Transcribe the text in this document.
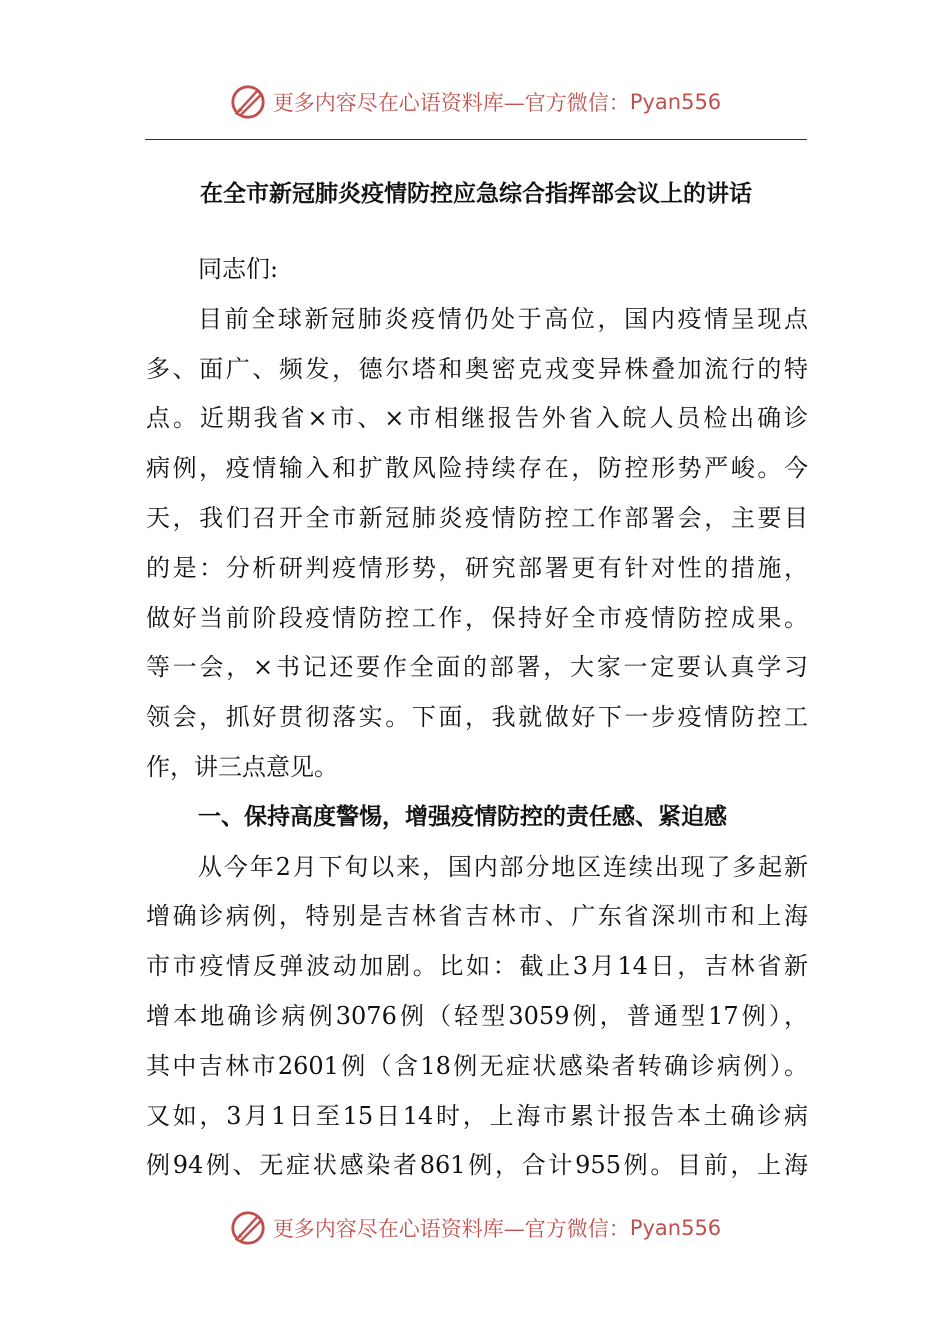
更多内容尽在心语资料库—官方微信： Pyan556
在全市新冠肺炎疫情防控应急综合指挥部会议上的讲话
同志们:
目前全球新冠肺炎疫情仍处于高位，国内疫情呈现点
多、面广、频发，德尔塔和奥密克戎变异株叠加流行的特
点。近期我省×市、×市相继报告外省入皖人员检出确诊
病例，疫情输入和扩散风险持续存在，防控形势严峻。今
天，我们召开全市新冠肺炎疫情防控工作部署会，主要目
的是：分析研判疫情形势，研究部署更有针对性的措施，
做好当前阶段疫情防控工作，保持好全市疫情防控成果。
等一会，×书记还要作全面的部署，大家一定要认真学习
领会，抓好贯彻落实。下面，我就做好下一步疫情防控工
作，讲三点意见。
一、保持高度警惕，增强疫情防控的责任感、紧迫感
从今年2月下旬以来，国内部分地区连续出现了多起新
增确诊病例，特别是吉林省吉林市、广东省深圳市和上海
市市疫情反弹波动加剧。比如：截止3月14日，吉林省新
增本地确诊病例3076例（轻型3059例，普通型17例），
其中吉林市2601例（含18例无症状感染者转确诊病例）。
又如，3月1日至15日14时，上海市累计报告本土确诊病
例94例、无症状感染者861例，合计955例。目前，上海
更多内容尽在心语资料库—官方微信： Pyan556
